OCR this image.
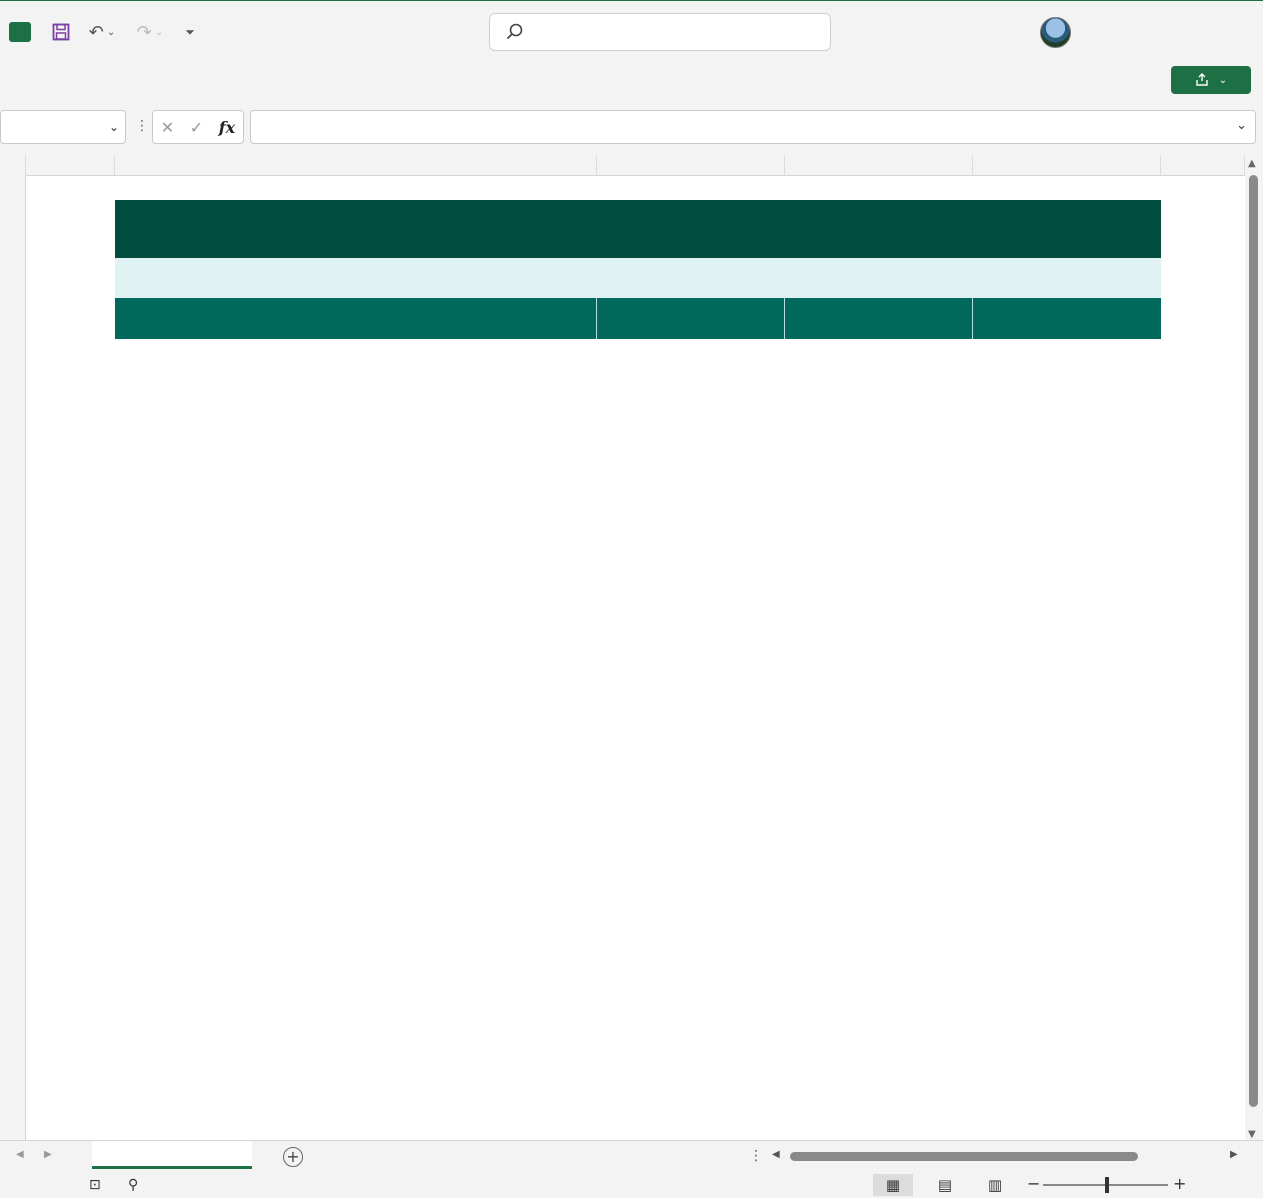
↶ ⌄	↷ ⌄	⏷
⌄
⌄ ⋮ ✕ ✓ fx	⌄
▲
▼
◀ ▶	+	⋮ ◀	▶
⊡ ⚲	▦	▤	▥	−	+
